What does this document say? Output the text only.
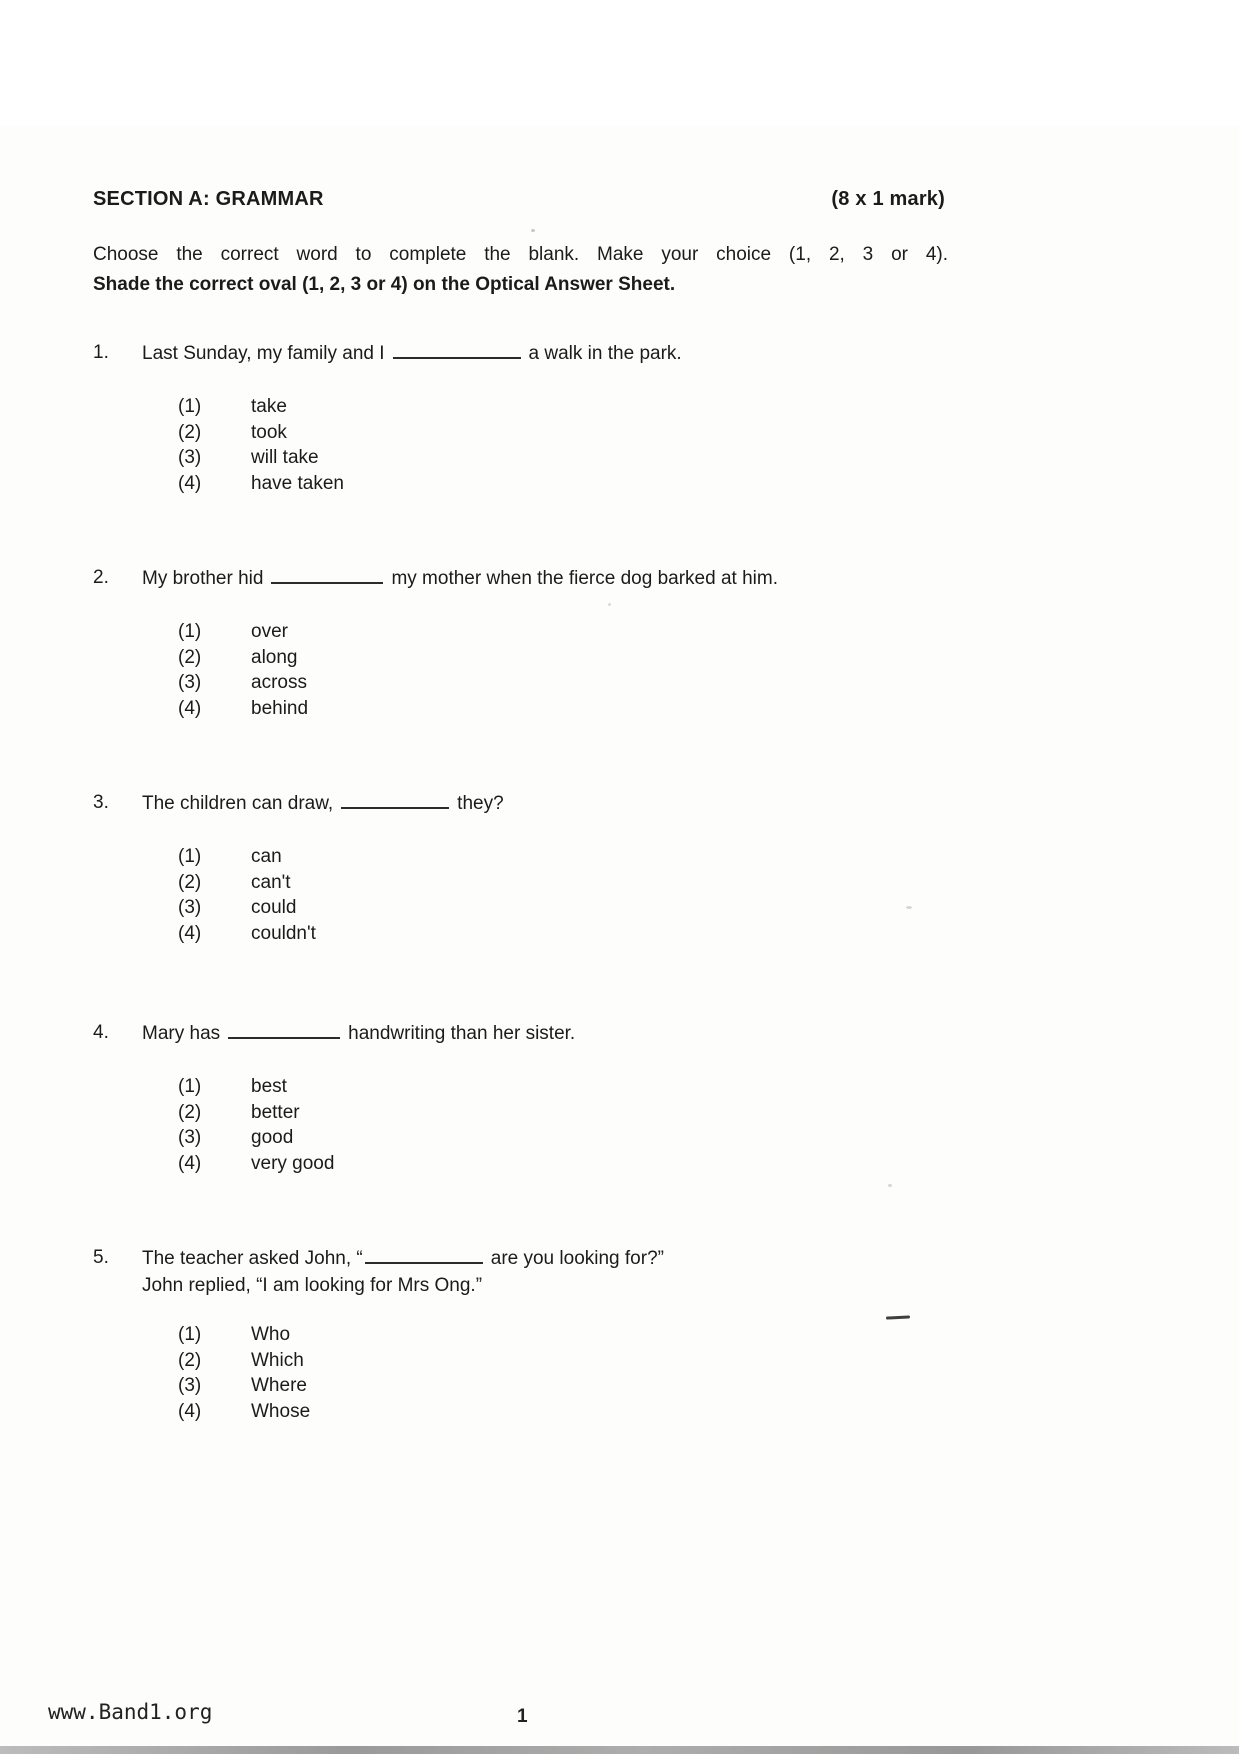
SECTION A: GRAMMAR	(8 x 1 mark)
Choose the correct word to complete the blank. Make your choice (1, 2, 3 or 4).
Shade the correct oval (1, 2, 3 or 4) on the Optical Answer Sheet.
1. Last Sunday, my family and I	a walk in the park.
(1)	take
(2)	took
(3)	will take
(4)	have taken
2. My brother hid	my mother when the fierce dog barked at him.
(1)	over
(2)	along
(3)	across
(4)	behind
3. The children can draw,	they?
(1)	can
(2)	can't
(3)	could
(4)	couldn't
4. Mary has	handwriting than her sister.
(1)	best
(2)	better
(3)	good
(4)	very good
5. The teacher asked John, “	are you looking for?”
John replied, “I am looking for Mrs Ong.”
(1)	Who
(2)	Which
(3)	Where
(4)	Whose
www.Band1.org	1
